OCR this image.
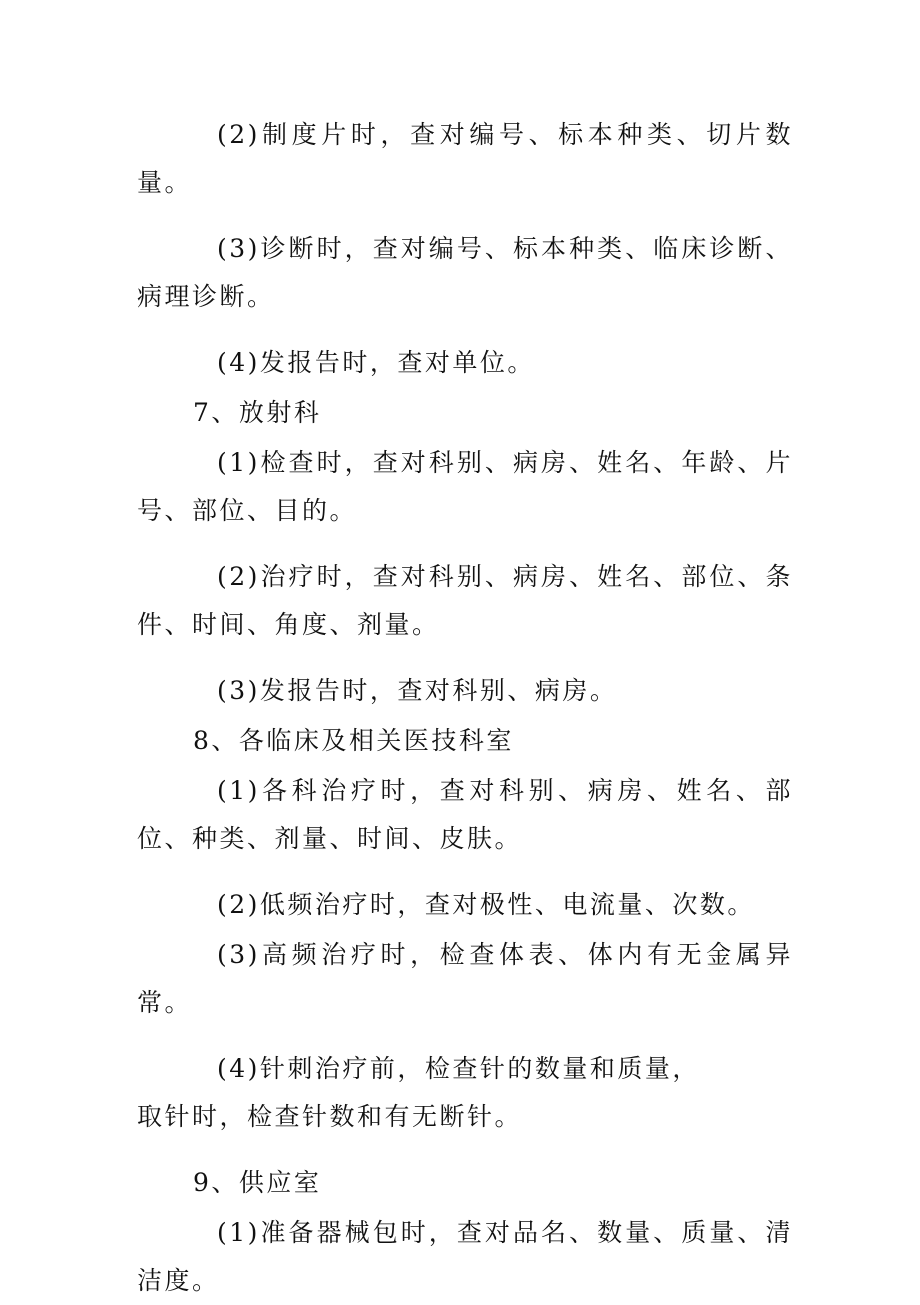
(2)制度片时，查对编号、标本种类、切片数量。

(3)诊断时，查对编号、标本种类、临床诊断、病理诊断。

(4)发报告时，查对单位。

7、放射科

(1)检查时，查对科别、病房、姓名、年龄、片号、部位、目的。

(2)治疗时，查对科别、病房、姓名、部位、条件、时间、角度、剂量。

(3)发报告时，查对科别、病房。

8、各临床及相关医技科室

(1)各科治疗时，查对科别、病房、姓名、部位、种类、剂量、时间、皮肤。

(2)低频治疗时，查对极性、电流量、次数。

(3)高频治疗时，检查体表、体内有无金属异常。

(4)针刺治疗前，检查针的数量和质量，

取针时，检查针数和有无断针。

9、供应室

(1)准备器械包时，查对品名、数量、质量、清洁度。
